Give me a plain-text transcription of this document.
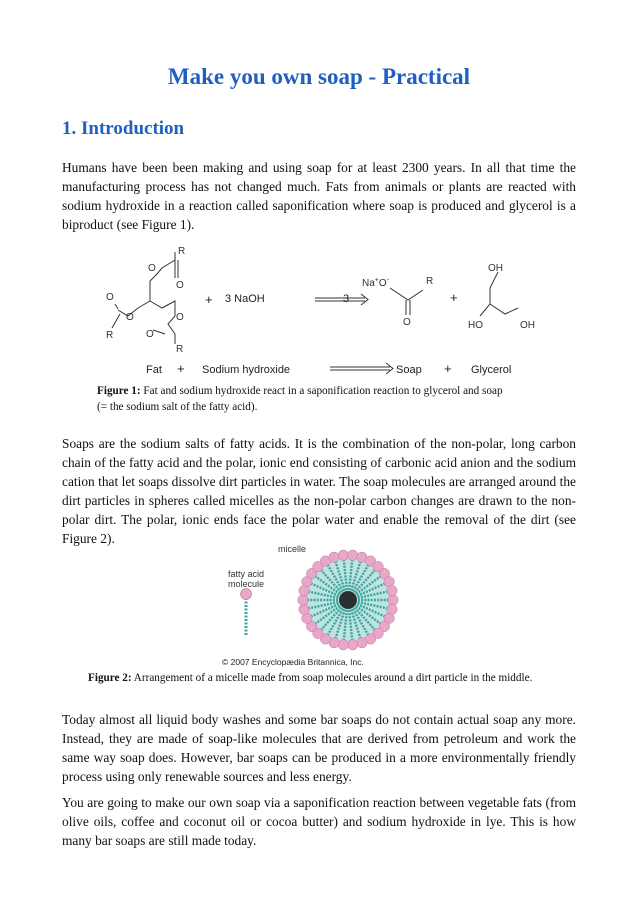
Make you own soap - Practical
1. Introduction

Humans have been been making and using soap for at least 2300 years. In all that time the manufacturing process has not changed much. Fats from animals or plants are reacted with sodium hydroxide in a reaction called saponification where soap is produced and glycerol is a biproduct (see Figure 1).

R
O
O
O
O
R
O
O
R
+ 3 NaOH	3
Na+O-	R
O
+
OH
HO	OH
Fat + Sodium hydroxide	Soap + Glycerol
Figure 1: Fat and sodium hydroxide react in a saponification reaction to glycerol and soap
(= the sodium salt of the fatty acid).

Soaps are the sodium salts of fatty acids. It is the combination of the non-polar, long carbon chain of the fatty acid and the polar, ionic end consisting of carbonic acid anion and the sodium cation that let soaps dissolve dirt particles in water. The soap molecules are arranged around the dirt particles in spheres called micelles as the non-polar carbon changes are drawn to the non-polar dirt. The polar, ionic ends face the polar water and enable the removal of the dirt (see Figure 2).

micelle
fatty acid
molecule
© 2007 Encyclopædia Britannica, Inc.
Figure 2: Arrangement of a micelle made from soap molecules around a dirt particle in the middle.

Today almost all liquid body washes and some bar soaps do not contain actual soap any more. Instead, they are made of soap-like molecules that are derived from petroleum and work the same way soap does. However, bar soaps can be produced in a more environmentally friendly process using only renewable sources and less energy.

You are going to make our own soap via a saponification reaction between vegetable fats (from olive oils, coffee and coconut oil or cocoa butter) and sodium hydroxide in lye. This is how many bar soaps are still made today.
